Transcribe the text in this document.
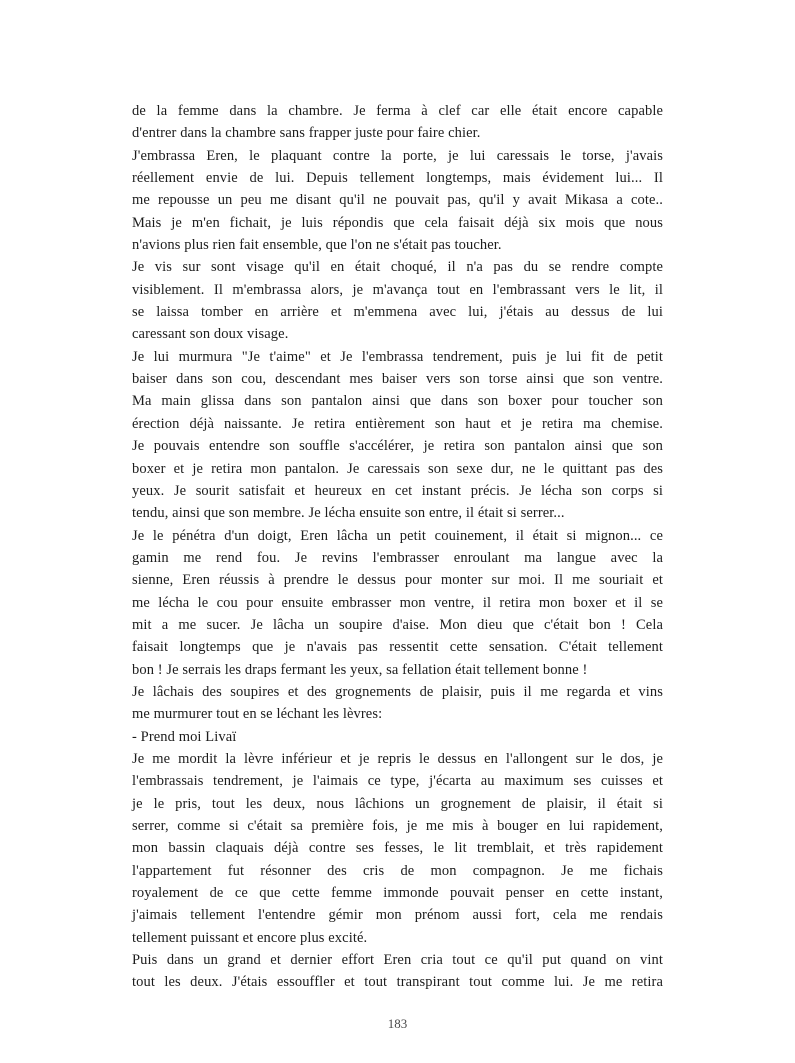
de la femme dans la chambre. Je ferma à clef car elle était encore capable
d'entrer dans la chambre sans frapper juste pour faire chier.
J'embrassa Eren, le plaquant contre la porte, je lui caressais le torse, j'avais
réellement envie de lui. Depuis tellement longtemps, mais évidement lui... Il
me repousse un peu me disant qu'il ne pouvait pas, qu'il y avait Mikasa a cote..
Mais je m'en fichait, je luis répondis que cela faisait déjà six mois que nous
n'avions plus rien fait ensemble, que l'on ne s'était pas toucher.
Je vis sur sont visage qu'il en était choqué, il n'a pas du se rendre compte
visiblement. Il m'embrassa alors, je m'avança tout en l'embrassant vers le lit, il
se laissa tomber en arrière et m'emmena avec lui, j'étais au dessus de lui
caressant son doux visage.
Je lui murmura "Je t'aime" et Je l'embrassa tendrement, puis je lui fit de petit
baiser dans son cou, descendant mes baiser vers son torse ainsi que son ventre.
Ma main glissa dans son pantalon ainsi que dans son boxer pour toucher son
érection déjà naissante. Je retira entièrement son haut et je retira ma chemise.
Je pouvais entendre son souffle s'accélérer, je retira son pantalon ainsi que son
boxer et je retira mon pantalon. Je caressais son sexe dur, ne le quittant pas des
yeux. Je sourit satisfait et heureux en cet instant précis. Je lécha son corps si
tendu, ainsi que son membre. Je lécha ensuite son entre, il était si serrer...
Je le pénétra d'un doigt, Eren lâcha un petit couinement, il était si mignon... ce
gamin me rend fou. Je revins l'embrasser enroulant ma langue avec la
sienne, Eren réussis à prendre le dessus pour monter sur moi. Il me souriait et
me lécha le cou pour ensuite embrasser mon ventre, il retira mon boxer et il se
mit a me sucer. Je lâcha un soupire d'aise. Mon dieu que c'était bon ! Cela
faisait longtemps que je n'avais pas ressentit cette sensation. C'était tellement
bon ! Je serrais les draps fermant les yeux, sa fellation était tellement bonne !
Je lâchais des soupires et des grognements de plaisir, puis il me regarda et vins
me murmurer tout en se léchant les lèvres:
- Prend moi Livaï
Je me mordit la lèvre inférieur et je repris le dessus en l'allongent sur le dos, je
l'embrassais tendrement, je l'aimais ce type, j'écarta au maximum ses cuisses et
je le pris, tout les deux, nous lâchions un grognement de plaisir, il était si
serrer, comme si c'était sa première fois, je me mis à bouger en lui rapidement,
mon bassin claquais déjà contre ses fesses, le lit tremblait, et très rapidement
l'appartement fut résonner des cris de mon compagnon. Je me fichais
royalement de ce que cette femme immonde pouvait penser en cette instant,
j'aimais tellement l'entendre gémir mon prénom aussi fort, cela me rendais
tellement puissant et encore plus excité.
Puis dans un grand et dernier effort Eren cria tout ce qu'il put quand on vint
tout les deux. J'étais essouffler et tout transpirant tout comme lui. Je me retira
183
